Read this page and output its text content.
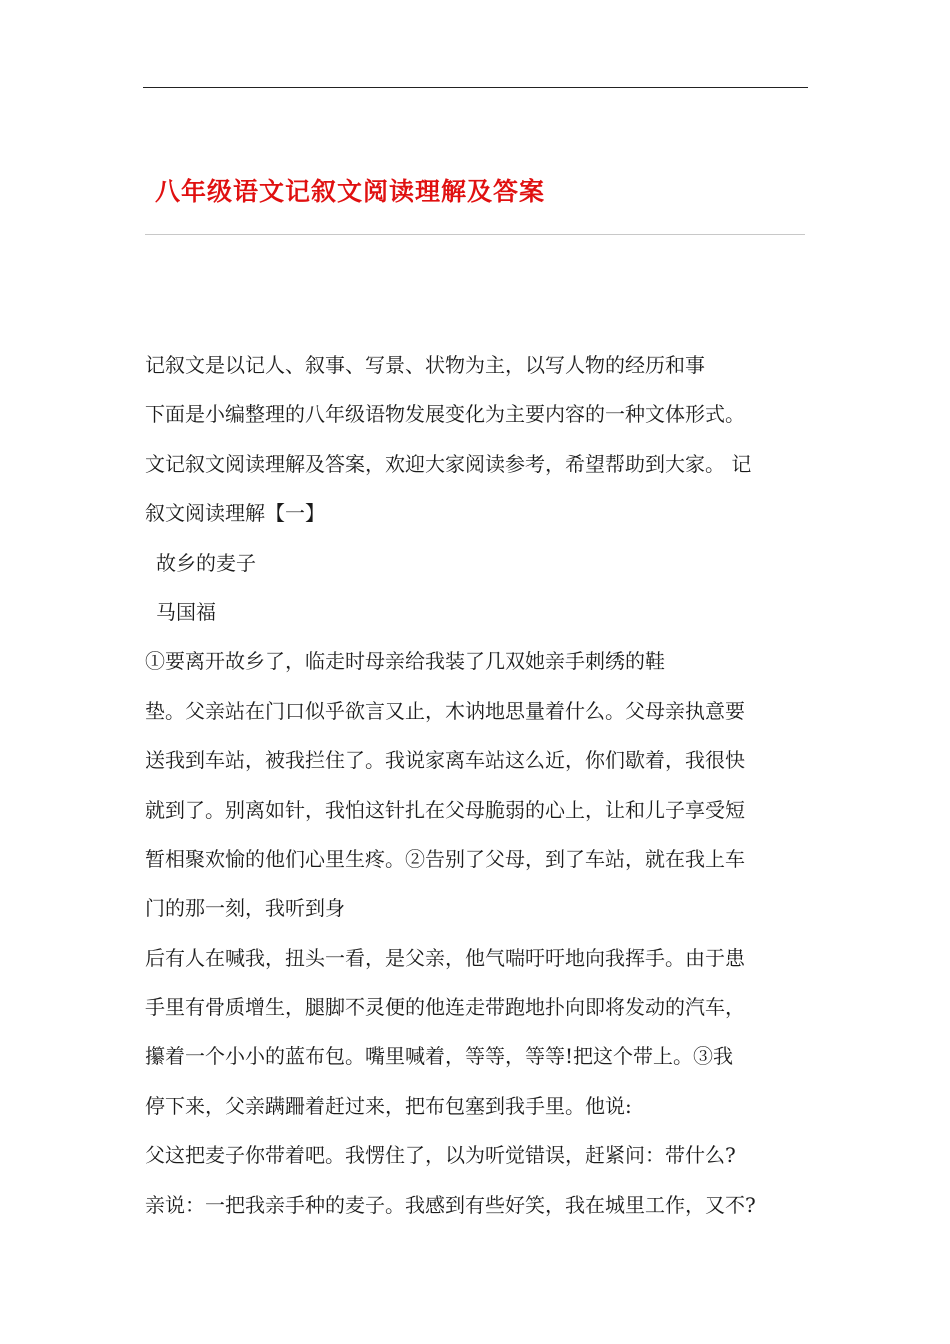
八年级语文记叙文阅读理解及答案
记叙文是以记人、叙事、写景、状物为主，以写人物的经历和事
下面是小编整理的八年级语物发展变化为主要内容的一种文体形式。
文记叙文阅读理解及答案，欢迎大家阅读参考，希望帮助到大家。 记
叙文阅读理解【一】
故乡的麦子
马国福
①要离开故乡了，临走时母亲给我装了几双她亲手刺绣的鞋
垫。父亲站在门口似乎欲言又止，木讷地思量着什么。父母亲执意要
送我到车站，被我拦住了。我说家离车站这么近，你们歇着，我很快
就到了。别离如针，我怕这针扎在父母脆弱的心上，让和儿子享受短
暂相聚欢愉的他们心里生疼。②告别了父母，到了车站，就在我上车
门的那一刻，我听到身
后有人在喊我，扭头一看，是父亲，他气喘吁吁地向我挥手。由于患
手里有骨质增生，腿脚不灵便的他连走带跑地扑向即将发动的汽车，
攥着一个小小的蓝布包。嘴里喊着，等等，等等!把这个带上。③我
停下来，父亲蹒跚着赶过来，把布包塞到我手里。他说:
父这把麦子你带着吧。我愣住了，以为听觉错误，赶紧问：带什么?
亲说：一把我亲手种的麦子。我感到有些好笑，我在城里工作，又不?
